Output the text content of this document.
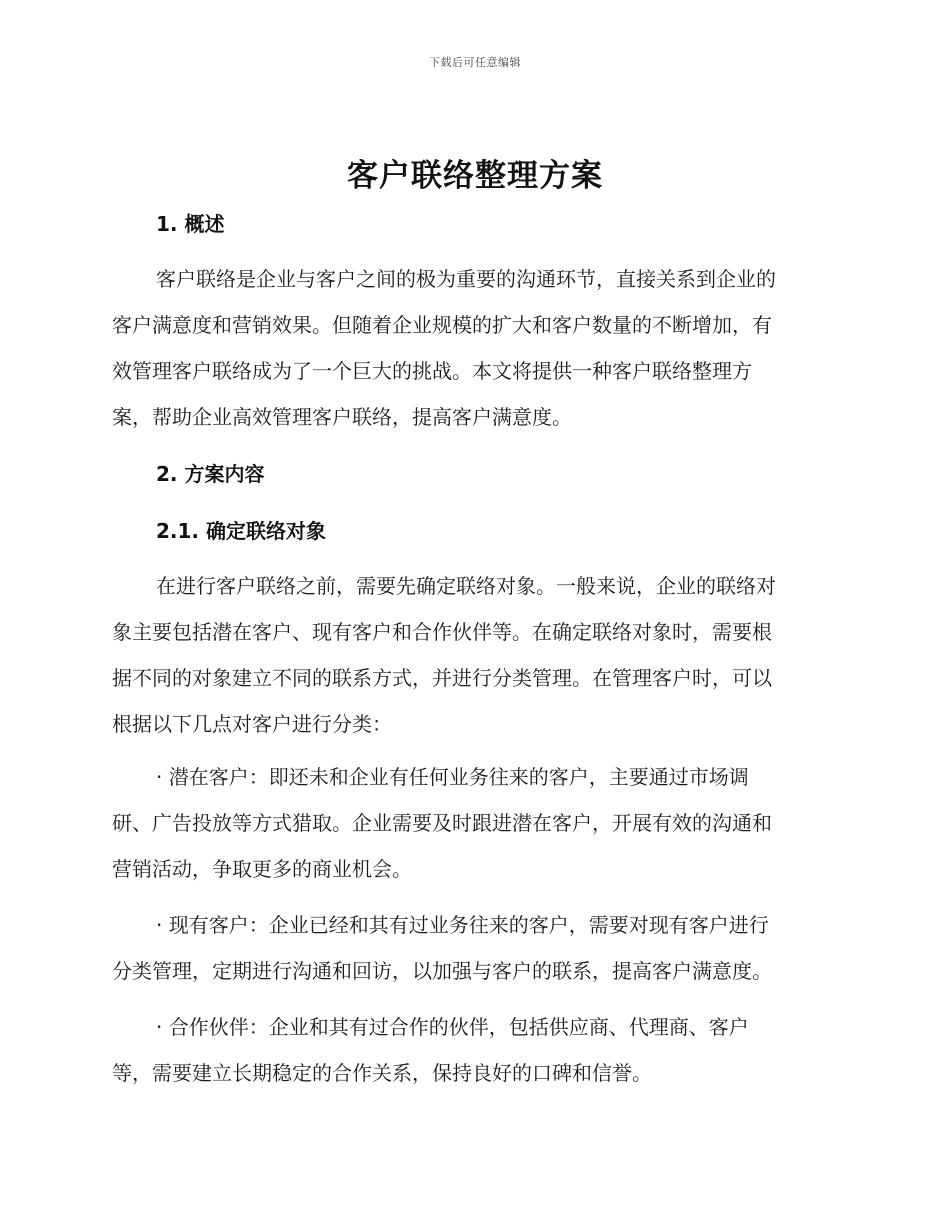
下载后可任意编辑
客户联络整理方案
1. 概述
客户联络是企业与客户之间的极为重要的沟通环节，直接关系到企业的
客户满意度和营销效果。但随着企业规模的扩大和客户数量的不断增加，有
效管理客户联络成为了一个巨大的挑战。本文将提供一种客户联络整理方
案，帮助企业高效管理客户联络，提高客户满意度。
2. 方案内容
2.1. 确定联络对象
在进行客户联络之前，需要先确定联络对象。一般来说，企业的联络对
象主要包括潜在客户、现有客户和合作伙伴等。在确定联络对象时，需要根
据不同的对象建立不同的联系方式，并进行分类管理。在管理客户时，可以
根据以下几点对客户进行分类：
· 潜在客户：即还未和企业有任何业务往来的客户，主要通过市场调
研、广告投放等方式猎取。企业需要及时跟进潜在客户，开展有效的沟通和
营销活动，争取更多的商业机会。
· 现有客户：企业已经和其有过业务往来的客户，需要对现有客户进行
分类管理，定期进行沟通和回访，以加强与客户的联系，提高客户满意度。
· 合作伙伴：企业和其有过合作的伙伴，包括供应商、代理商、客户
等，需要建立长期稳定的合作关系，保持良好的口碑和信誉。
